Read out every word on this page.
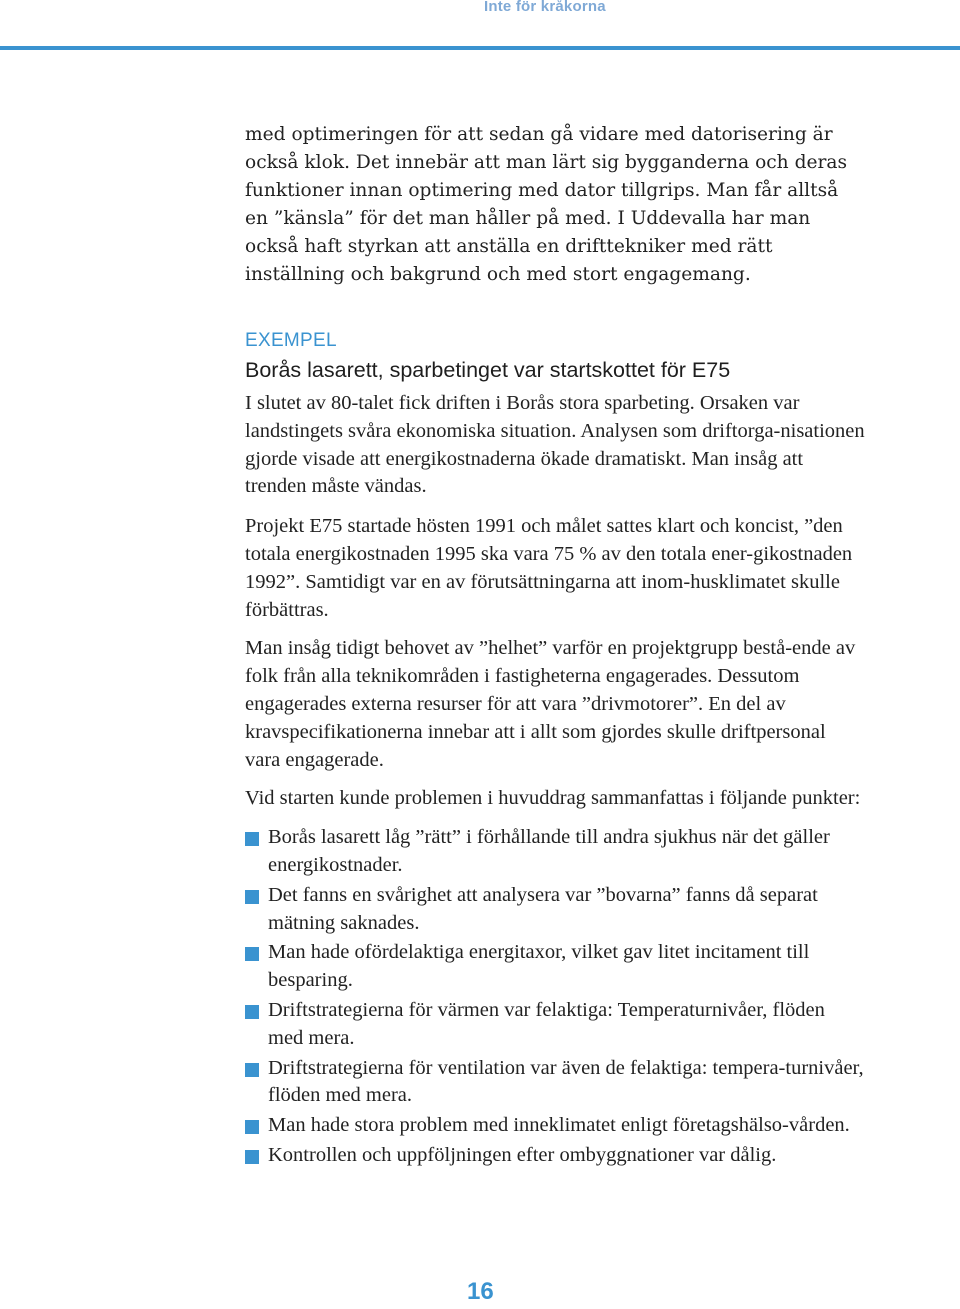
Inte för kråkorna

med optimeringen för att sedan gå vidare med datorisering är också klok. Det innebär att man lärt sig bygganderna och deras funktioner innan optimering med dator tillgrips. Man får alltså en ”känsla” för det man håller på med. I Uddevalla har man också haft styrkan att anställa en drifttekniker med rätt inställning och bakgrund och med stort engagemang.

EXEMPEL

Borås lasarett, sparbetinget var startskottet för E75

I slutet av 80-talet fick driften i Borås stora sparbeting. Orsaken var landstingets svåra ekonomiska situation. Analysen som driftorga-nisationen gjorde visade att energikostnaderna ökade dramatiskt. Man insåg att trenden måste vändas.

Projekt E75 startade hösten 1991 och målet sattes klart och koncist, ”den totala energikostnaden 1995 ska vara 75 % av den totala ener-gikostnaden 1992”. Samtidigt var en av förutsättningarna att inom-husklimatet skulle förbättras.

Man insåg tidigt behovet av ”helhet” varför en projektgrupp bestå-ende av folk från alla teknikområden i fastigheterna engagerades. Dessutom engagerades externa resurser för att vara ”drivmotorer”. En del av kravspecifikationerna innebar att i allt som gjordes skulle driftpersonal vara engagerade.

Vid starten kunde problemen i huvuddrag sammanfattas i följande punkter:

Borås lasarett låg ”rätt” i förhållande till andra sjukhus när det gäller energikostnader.
Det fanns en svårighet att analysera var ”bovarna” fanns då separat mätning saknades.
Man hade ofördelaktiga energitaxor, vilket gav litet incitament till besparing.
Driftstrategierna för värmen var felaktiga: Temperaturnivåer, flöden med mera.
Driftstrategierna för ventilation var även de felaktiga: tempera-turnivåer, flöden med mera.
Man hade stora problem med inneklimatet enligt företagshälso-vården.
Kontrollen och uppföljningen efter ombyggnationer var dålig.
16
